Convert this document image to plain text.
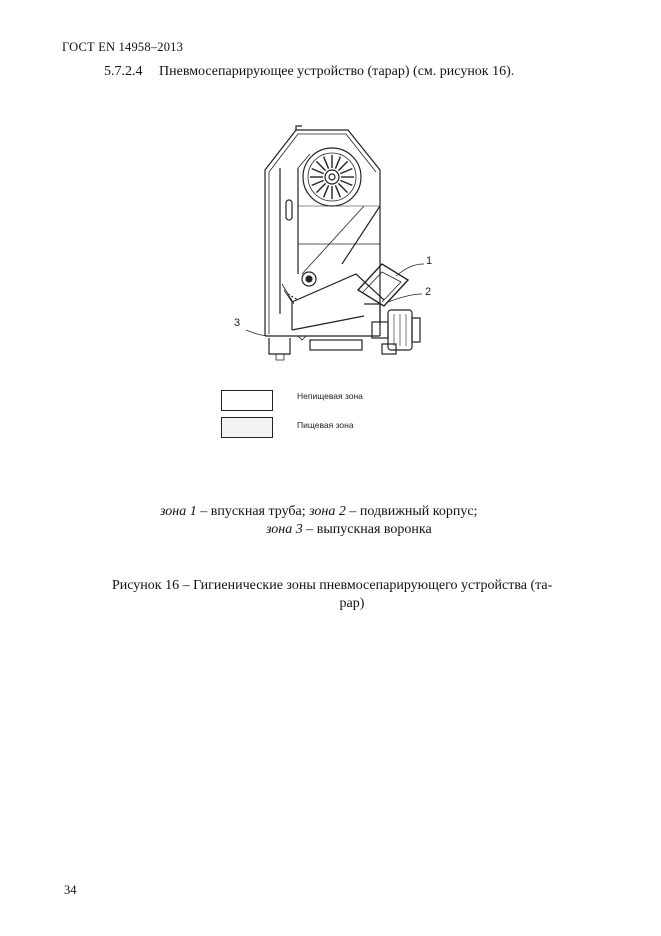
ГОСТ EN 14958–2013
5.7.2.4 Пневмосепарирующее устройство (тарар) (см. рисунок 16).
1
2
3
Непищевая зона
Пищевая зона
зона 1 – впускная труба; зона 2 – подвижный корпус;
зона 3 – выпускная воронка
Рисунок 16 – Гигиенические зоны пневмосепарирующего устройства (та-
рар)
34
